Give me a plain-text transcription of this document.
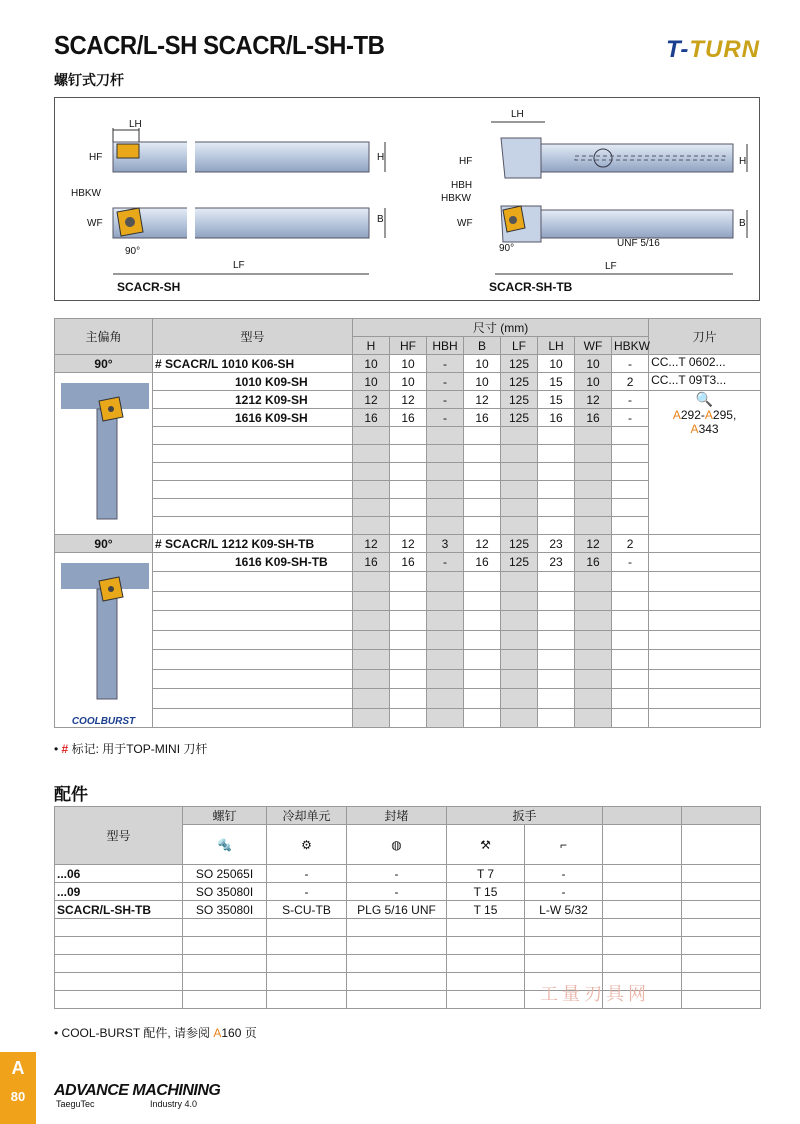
SCACR/L-SH SCACR/L-SH-TB
螺钉式刀杆
T-TURN
LH
HF	H
HBKW
WF	B
90°
LF
SCACR-SH
LH
HF	H
HBH
HBKW
WF	B
90°	UNF 5/16
LF
SCACR-SH-TB
主偏角	型号	尺寸 (mm)								刀片
		H	HF	HBH	B	LF	LH	WF	HBKW	
90°	# SCACR/L 1010 K06-SH	10	10	-	10	125	10	10	-	CC...T 0602...
	1010 K09-SH	10	10	-	10	125	15	10	2	CC...T 09T3...
	1212 K09-SH	12	12	-	12	125	15	12	-	🔍
A292-A295,
A343
	1616 K09-SH	16	16	-	16	125	16	16	-	

90°	# SCACR/L 1212 K09-SH-TB	12	12	3	12	125	23	12	2	

COOLBURST	1616 K09-SH-TB	16	16	-	16	125	23	16	-	

• # 标记: 用于TOP-MINI 刀杆
配件
型号	螺钉	冷却单元	封堵	扳手			
	🔩	⚙	◍	⚒	⌐		
...06	SO 25065I	-	-	T 7	-		
...09	SO 35080I	-	-	T 15	-		
SCACR/L-SH-TB	SO 35080I	S-CU-TB	PLG 5/16 UNF	T 15	L-W 5/32		

• COOL-BURST 配件, 请参阅 A160 页
工量刃具网
A
80	ADVANCE MACHINING
TaeguTec	Industry 4.0
